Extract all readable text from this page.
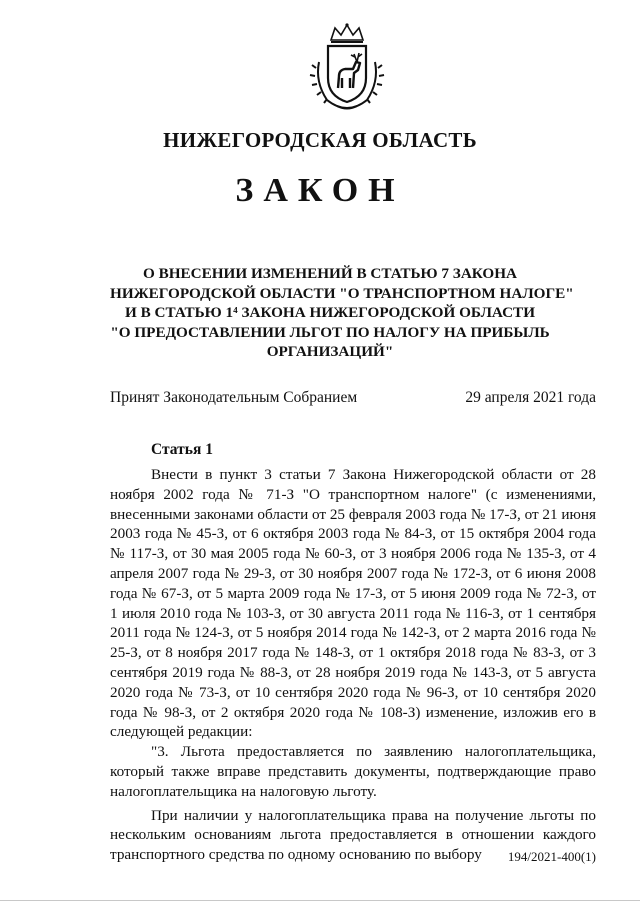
НИЖЕГОРОДСКАЯ ОБЛАСТЬ
ЗАКОН
О ВНЕСЕНИИ ИЗМЕНЕНИЙ В СТАТЬЮ 7 ЗАКОНА
НИЖЕГОРОДСКОЙ ОБЛАСТИ "О ТРАНСПОРТНОМ НАЛОГЕ"
И В СТАТЬЮ 1⁴ ЗАКОНА НИЖЕГОРОДСКОЙ ОБЛАСТИ
"О ПРЕДОСТАВЛЕНИИ ЛЬГОТ ПО НАЛОГУ НА ПРИБЫЛЬ
ОРГАНИЗАЦИЙ"
Принят Законодательным Собранием	29 апреля 2021 года
Статья 1

Внести в пункт 3 статьи 7 Закона Нижегородской области от 28 ноября 2002 года № 71-З "О транспортном налоге" (с изменениями, внесенными законами области от 25 февраля 2003 года № 17-З, от 21 июня 2003 года № 45-З, от 6 октября 2003 года № 84-З, от 15 октября 2004 года № 117-З, от 30 мая 2005 года № 60-З, от 3 ноября 2006 года № 135-З, от 4 апреля 2007 года № 29-З, от 30 ноября 2007 года № 172-З, от 6 июня 2008 года № 67-З, от 5 марта 2009 года № 17-З, от 5 июня 2009 года № 72-З, от 1 июля 2010 года № 103-З, от 30 августа 2011 года № 116-З, от 1 сентября 2011 года № 124-З, от 5 ноября 2014 года № 142-З, от 2 марта 2016 года № 25-З, от 8 ноября 2017 года № 148-З, от 1 октября 2018 года № 83-З, от 3 сентября 2019 года № 88-З, от 28 ноября 2019 года № 143-З, от 5 августа 2020 года № 73-З, от 10 сентября 2020 года № 96-З, от 10 сентября 2020 года № 98-З, от 2 октября 2020 года № 108-З) изменение, изложив его в следующей редакции:

"3. Льгота предоставляется по заявлению налогоплательщика, который также вправе представить документы, подтверждающие право налогоплательщика на налоговую льготу.

При наличии у налогоплательщика права на получение льготы по нескольким основаниям льгота предоставляется в отношении каждого транспортного средства по одному основанию по выбору	194/2021-400(1)
